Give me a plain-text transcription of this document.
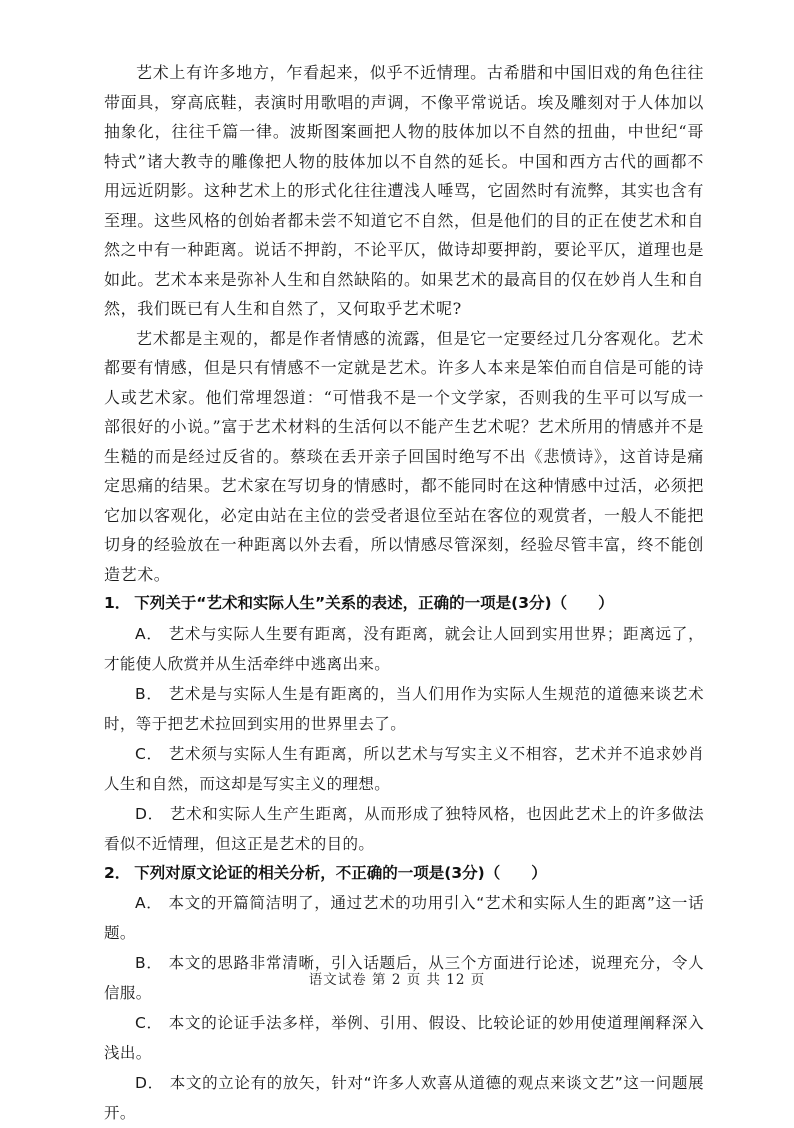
艺术上有许多地方，乍看起来，似乎不近情理。古希腊和中国旧戏的角色往往带面具，穿高底鞋，表演时用歌唱的声调，不像平常说话。埃及雕刻对于人体加以抽象化，往往千篇一律。波斯图案画把人物的肢体加以不自然的扭曲，中世纪“哥特式”诸大教寺的雕像把人物的肢体加以不自然的延长。中国和西方古代的画都不用远近阴影。这种艺术上的形式化往往遭浅人唾骂，它固然时有流弊，其实也含有至理。这些风格的创始者都未尝不知道它不自然，但是他们的目的正在使艺术和自然之中有一种距离。说话不押韵，不论平仄，做诗却要押韵，要论平仄，道理也是如此。艺术本来是弥补人生和自然缺陷的。如果艺术的最高目的仅在妙肖人生和自然，我们既已有人生和自然了，又何取乎艺术呢?

艺术都是主观的，都是作者情感的流露，但是它一定要经过几分客观化。艺术都要有情感，但是只有情感不一定就是艺术。许多人本来是笨伯而自信是可能的诗人或艺术家。他们常埋怨道：“可惜我不是一个文学家，否则我的生平可以写成一部很好的小说。”富于艺术材料的生活何以不能产生艺术呢？艺术所用的情感并不是生糙的而是经过反省的。蔡琰在丢开亲子回国时绝写不出《悲愤诗》，这首诗是痛定思痛的结果。艺术家在写切身的情感时，都不能同时在这种情感中过活，必须把它加以客观化，必定由站在主位的尝受者退位至站在客位的观赏者，一般人不能把切身的经验放在一种距离以外去看，所以情感尽管深刻，经验尽管丰富，终不能创造艺术。

1． 下列关于“艺术和实际人生”关系的表述，正确的一项是(3分)（　　）

A． 艺术与实际人生要有距离，没有距离，就会让人回到实用世界；距离远了，才能使人欣赏并从生活牵绊中逃离出来。

B． 艺术是与实际人生是有距离的，当人们用作为实际人生规范的道德来谈艺术时，等于把艺术拉回到实用的世界里去了。

C． 艺术须与实际人生有距离，所以艺术与写实主义不相容，艺术并不追求妙肖人生和自然，而这却是写实主义的理想。

D． 艺术和实际人生产生距离，从而形成了独特风格，也因此艺术上的许多做法看似不近情理，但这正是艺术的目的。

2． 下列对原文论证的相关分析，不正确的一项是(3分)（　　）

A． 本文的开篇简洁明了，通过艺术的功用引入“艺术和实际人生的距离”这一话题。

B． 本文的思路非常清晰，引入话题后，从三个方面进行论述，说理充分，令人信服。

C． 本文的论证手法多样，举例、引用、假设、比较论证的妙用使道理阐释深入浅出。

D． 本文的立论有的放矢，针对“许多人欢喜从道德的观点来谈文艺”这一问题展开。

语文试卷 第 2 页 共 12 页
